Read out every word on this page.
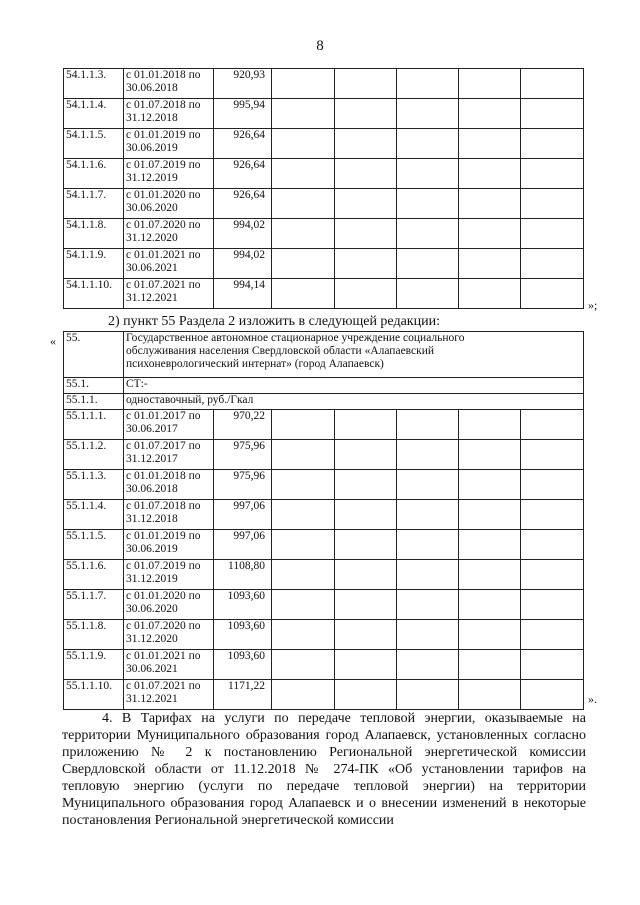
8
54.1.1.3.	с 01.01.2018 по
30.06.2018	920,93					
54.1.1.4.	с 01.07.2018 по
31.12.2018	995,94					
54.1.1.5.	с 01.01.2019 по
30.06.2019	926,64					
54.1.1.6.	с 01.07.2019 по
31.12.2019	926,64					
54.1.1.7.	с 01.01.2020 по
30.06.2020	926,64					
54.1.1.8.	с 01.07.2020 по
31.12.2020	994,02					
54.1.1.9.	с 01.01.2021 по
30.06.2021	994,02					
54.1.1.10.	с 01.07.2021 по
31.12.2021	994,14					
»;
2) пункт 55 Раздела 2 изложить в следующей редакции:
« 55.	Государственное автономное стационарное учреждение социального
обслуживания населения Свердловской области «Алапаевский
психоневрологический интернат» (город Алапаевск)						

55.1.	СТ:-						
55.1.1.	одноставочный, руб./Гкал						
55.1.1.1.	с 01.01.2017 по
30.06.2017	970,22					
55.1.1.2.	с 01.07.2017 по
31.12.2017	975,96					
55.1.1.3.	с 01.01.2018 по
30.06.2018	975,96					
55.1.1.4.	с 01.07.2018 по
31.12.2018	997,06					
55.1.1.5.	с 01.01.2019 по
30.06.2019	997,06					
55.1.1.6.	с 01.07.2019 по
31.12.2019	1108,80					
55.1.1.7.	с 01.01.2020 по
30.06.2020	1093,60					
55.1.1.8.	с 01.07.2020 по
31.12.2020	1093,60					
55.1.1.9.	с 01.01.2021 по
30.06.2021	1093,60					
55.1.1.10.	с 01.07.2021 по
31.12.2021	1171,22					
».

4. В Тарифах на услуги по передаче тепловой энергии, оказываемые на территории Муниципального образования город Алапаевск, установленных согласно приложению № 2 к постановлению Региональной энергетической комиссии Свердловской области от 11.12.2018 № 274-ПК «Об установлении тарифов на тепловую энергию (услуги по передаче тепловой энергии) на территории Муниципального образования город Алапаевск и о внесении изменений в некоторые постановления Региональной энергетической комиссии
